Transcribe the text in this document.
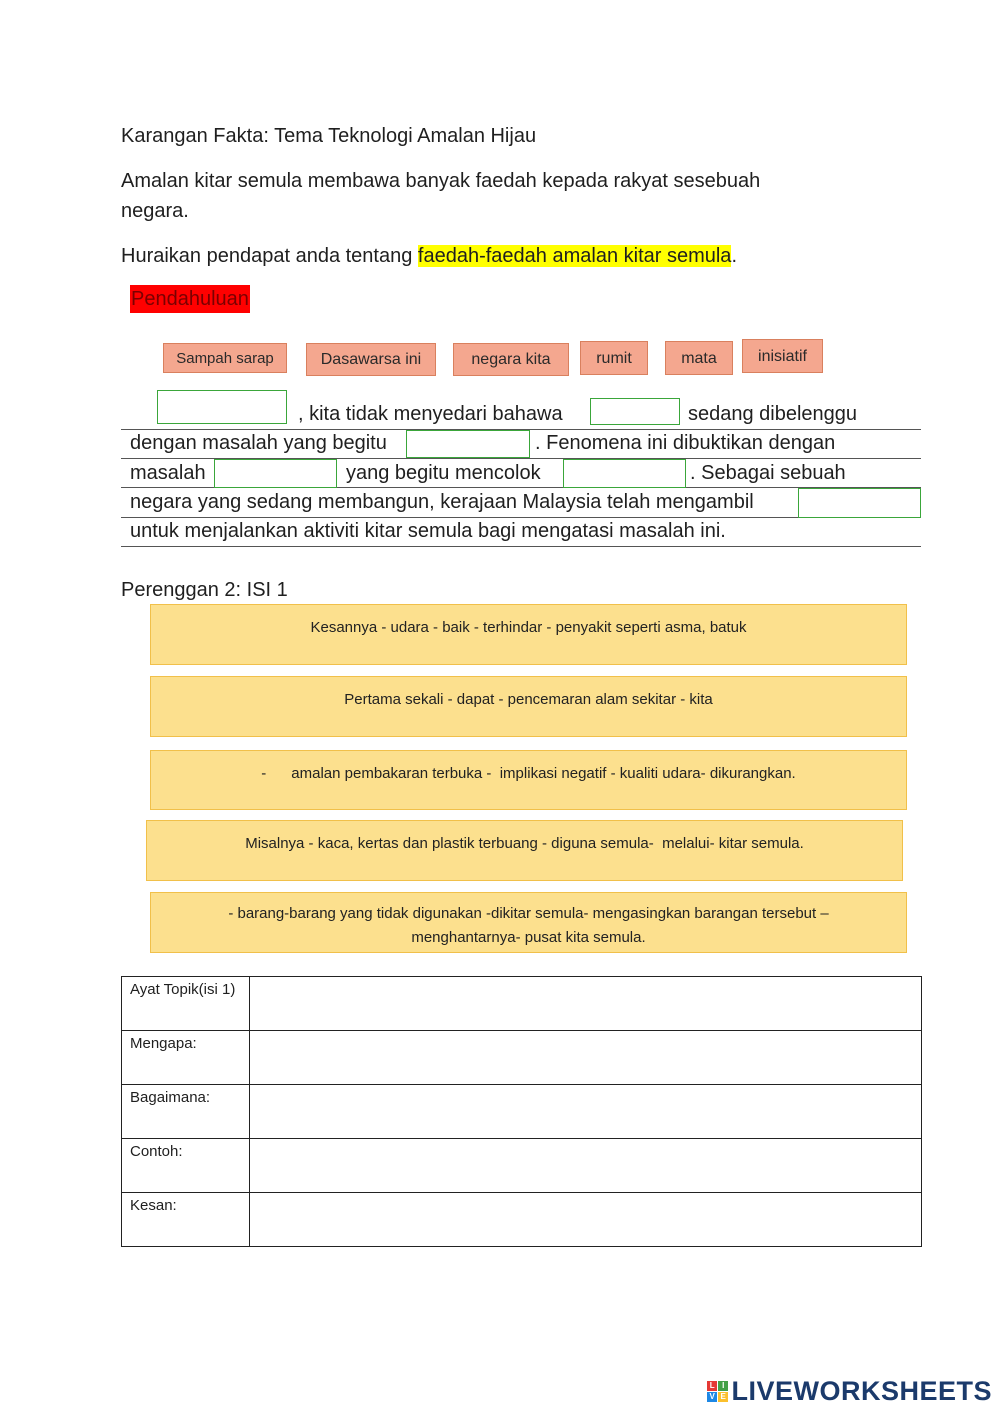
Karangan Fakta: Tema Teknologi Amalan Hijau
Amalan kitar semula membawa banyak faedah kepada rakyat sesebuah
negara.
Huraikan pendapat anda tentang faedah-faedah amalan kitar semula.
Pendahuluan
Sampah sarap	Dasawarsa ini	negara kita	rumit	mata	inisiatif
, kita tidak menyedari bahawa	sedang dibelenggu
dengan masalah yang begitu	. Fenomena ini dibuktikan dengan
masalah	yang begitu mencolok	. Sebagai sebuah
negara yang sedang membangun, kerajaan Malaysia telah mengambil
untuk menjalankan aktiviti kitar semula bagi mengatasi masalah ini.
Perenggan 2: ISI 1
Kesannya - udara - baik - terhindar - penyakit seperti asma, batuk
Pertama sekali - dapat - pencemaran alam sekitar - kita
-      amalan pembakaran terbuka -  implikasi negatif - kualiti udara- dikurangkan.
Misalnya - kaca, kertas dan plastik terbuang - diguna semula-  melalui- kitar semula.
- barang-barang yang tidak digunakan -dikitar semula- mengasingkan barangan tersebut – menghantarnya- pusat kita semula.
Ayat Topik(isi 1)	
Mengapa:	
Bagaimana:	
Contoh:	
Kesan:	
L I
V E LIVEWORKSHEETS
